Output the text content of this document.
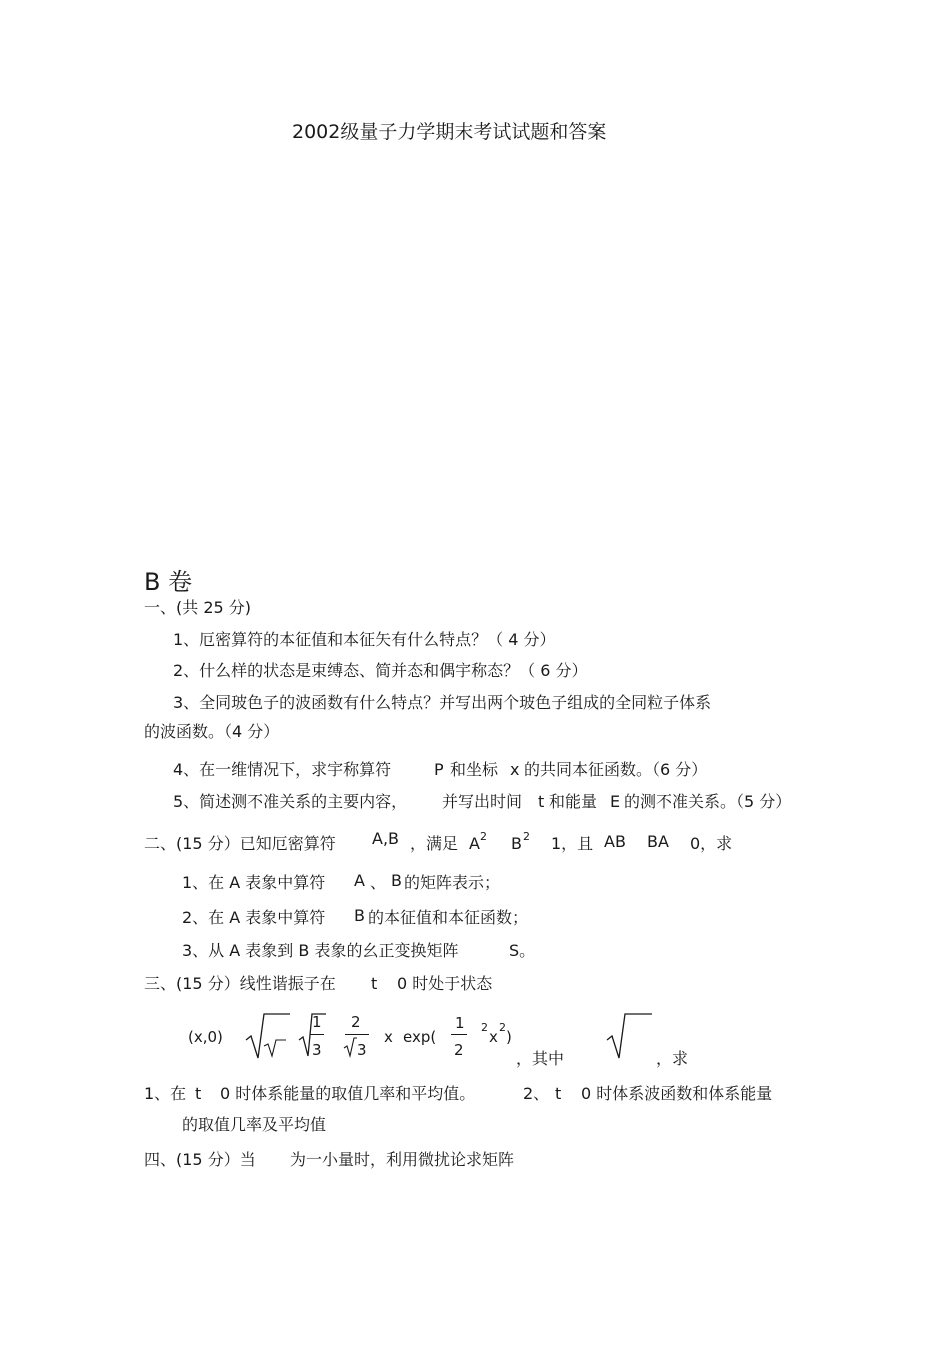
2002级量子力学期末考试试题和答案
B 卷
一、(共 25 分)
1、厄密算符的本征值和本征矢有什么特点？（ 4 分）
2、什么样的状态是束缚态、简并态和偶宇称态？（ 6 分）
3、全同玻色子的波函数有什么特点？并写出两个玻色子组成的全同粒子体系
的波函数。（4 分）
4、在一维情况下，求宇称算符	P 和坐标 x 的共同本征函数。（6 分）
5、简述测不准关系的主要内容， 并写出时间 t 和能量 E 的测不准关系。（5 分）
二、(15 分）已知厄密算符 A,B ，满足 A 2 B 2 1，且 AB BA 0，求
1、在 A 表象中算符 A 、 B 的矩阵表示；
2、在 A 表象中算符 B 的本征值和本征函数；
3、从 A 表象到 B 表象的幺正变换矩阵	S。
三、(15 分）线性谐振子在 t 0 时处于状态
(x,0)
1
3
2
3
x exp(
1
2
2
x
2
)
，其中	，求
1、在 t 0 时体系能量的取值几率和平均值。	2、 t 0 时体系波函数和体系能量
的取值几率及平均值
四、(15 分）当 为一小量时，利用微扰论求矩阵
